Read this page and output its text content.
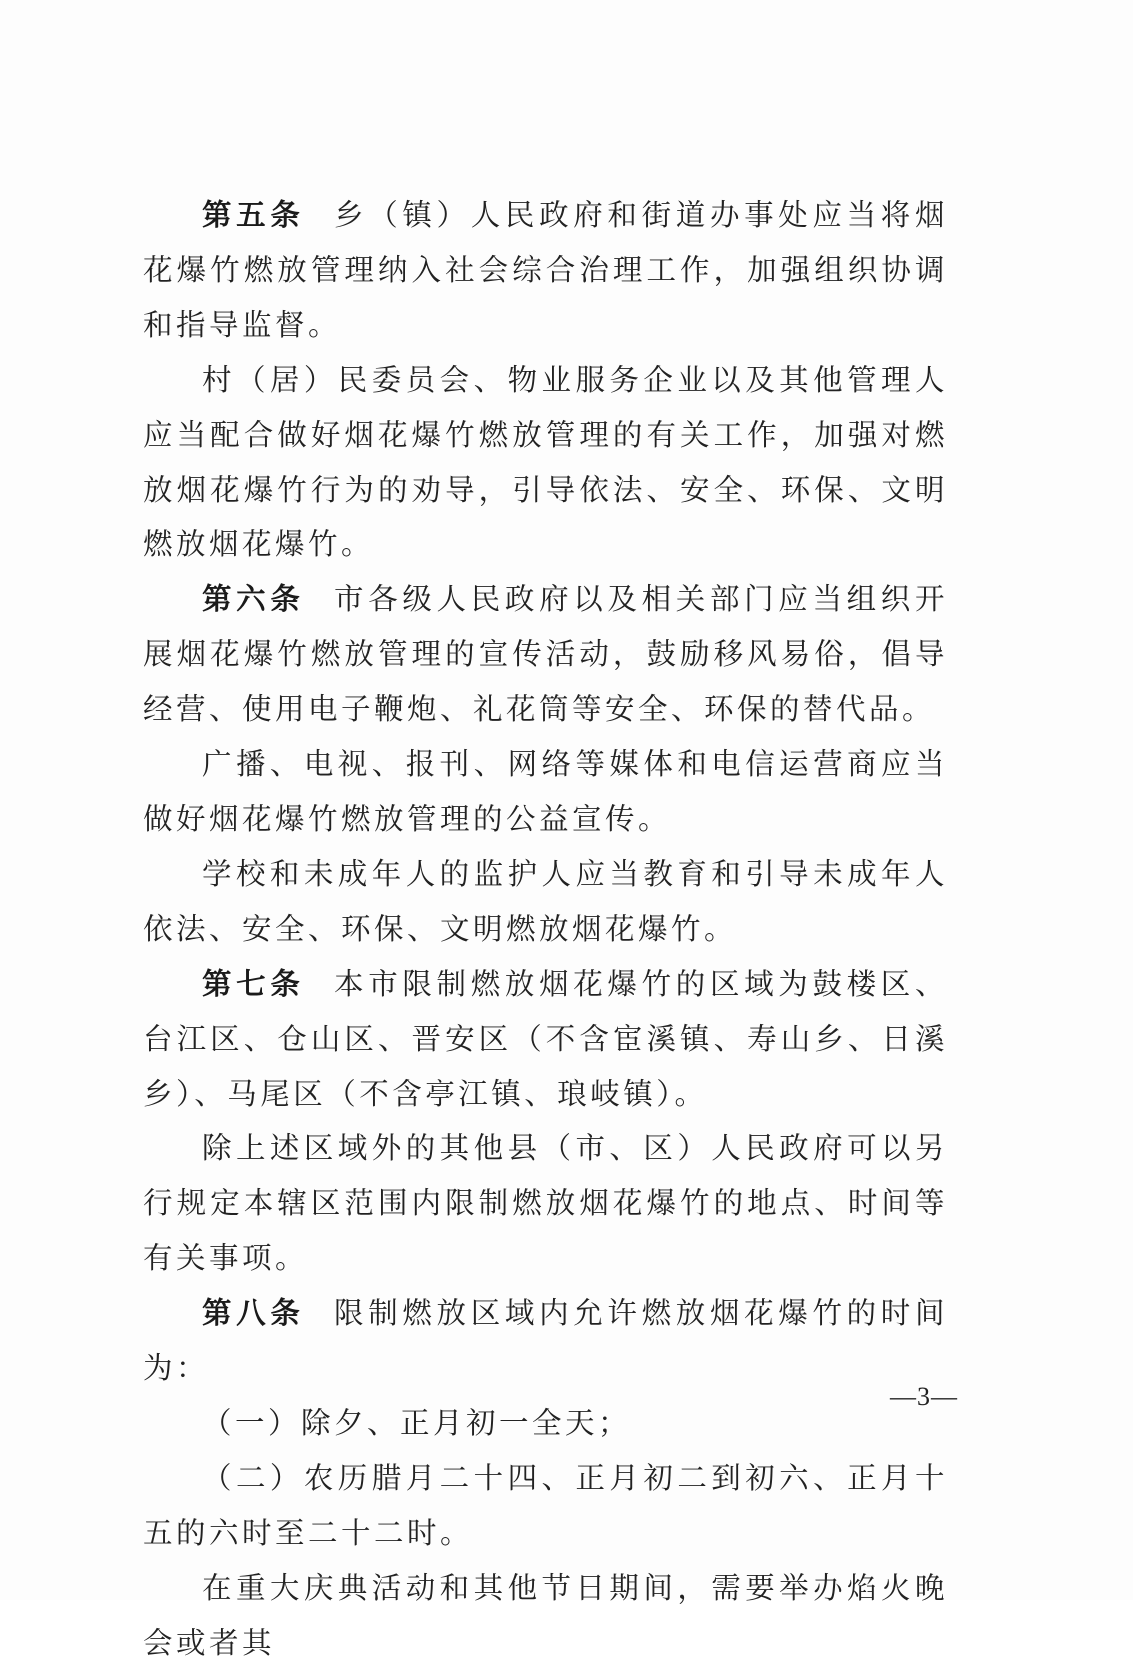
第五条 乡（镇）人民政府和街道办事处应当将烟花爆竹燃放管理纳入社会综合治理工作，加强组织协调和指导监督。

村（居）民委员会、物业服务企业以及其他管理人应当配合做好烟花爆竹燃放管理的有关工作，加强对燃放烟花爆竹行为的劝导，引导依法、安全、环保、文明燃放烟花爆竹。

第六条 市各级人民政府以及相关部门应当组织开展烟花爆竹燃放管理的宣传活动，鼓励移风易俗，倡导经营、使用电子鞭炮、礼花筒等安全、环保的替代品。

广播、电视、报刊、网络等媒体和电信运营商应当做好烟花爆竹燃放管理的公益宣传。

学校和未成年人的监护人应当教育和引导未成年人依法、安全、环保、文明燃放烟花爆竹。

第七条 本市限制燃放烟花爆竹的区域为鼓楼区、台江区、仓山区、晋安区（不含宦溪镇、寿山乡、日溪乡）、马尾区（不含亭江镇、琅岐镇）。

除上述区域外的其他县（市、区）人民政府可以另行规定本辖区范围内限制燃放烟花爆竹的地点、时间等有关事项。

第八条 限制燃放区域内允许燃放烟花爆竹的时间为：

（一）除夕、正月初一全天；

（二）农历腊月二十四、正月初二到初六、正月十五的六时至二十二时。

在重大庆典活动和其他节日期间，需要举办焰火晚会或者其

—3—
